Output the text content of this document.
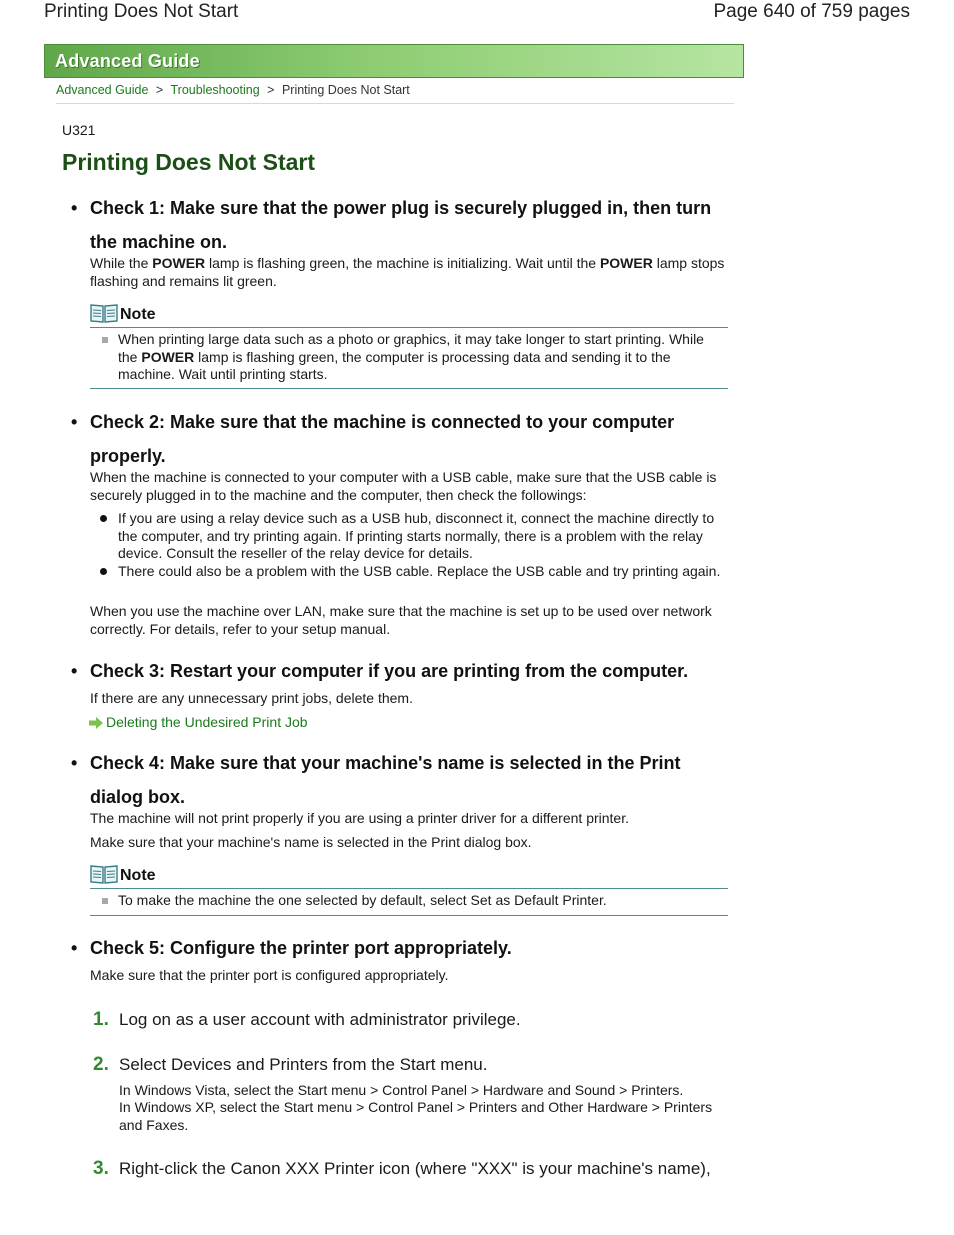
Printing Does Not Start	Page 640 of 759 pages
Advanced Guide
Advanced Guide > Troubleshooting > Printing Does Not Start
U321
Printing Does Not Start
• Check 1: Make sure that the power plug is securely plugged in, then turn the machine on.
While the POWER lamp is flashing green, the machine is initializing. Wait until the POWER lamp stops flashing and remains lit green.
Note
When printing large data such as a photo or graphics, it may take longer to start printing. While the POWER lamp is flashing green, the computer is processing data and sending it to the machine. Wait until printing starts.
• Check 2: Make sure that the machine is connected to your computer properly.
When the machine is connected to your computer with a USB cable, make sure that the USB cable is securely plugged in to the machine and the computer, then check the followings:
If you are using a relay device such as a USB hub, disconnect it, connect the machine directly to the computer, and try printing again. If printing starts normally, there is a problem with the relay device. Consult the reseller of the relay device for details.
There could also be a problem with the USB cable. Replace the USB cable and try printing again.
When you use the machine over LAN, make sure that the machine is set up to be used over network correctly. For details, refer to your setup manual.
• Check 3: Restart your computer if you are printing from the computer.
If there are any unnecessary print jobs, delete them.
Deleting the Undesired Print Job
• Check 4: Make sure that your machine's name is selected in the Print dialog box.
The machine will not print properly if you are using a printer driver for a different printer.
Make sure that your machine's name is selected in the Print dialog box.
Note
To make the machine the one selected by default, select Set as Default Printer.
• Check 5: Configure the printer port appropriately.
Make sure that the printer port is configured appropriately.
1. Log on as a user account with administrator privilege.
2. Select Devices and Printers from the Start menu.
In Windows Vista, select the Start menu > Control Panel > Hardware and Sound > Printers.
In Windows XP, select the Start menu > Control Panel > Printers and Other Hardware > Printers and Faxes.
3. Right-click the Canon XXX Printer icon (where "XXX" is your machine's name),
